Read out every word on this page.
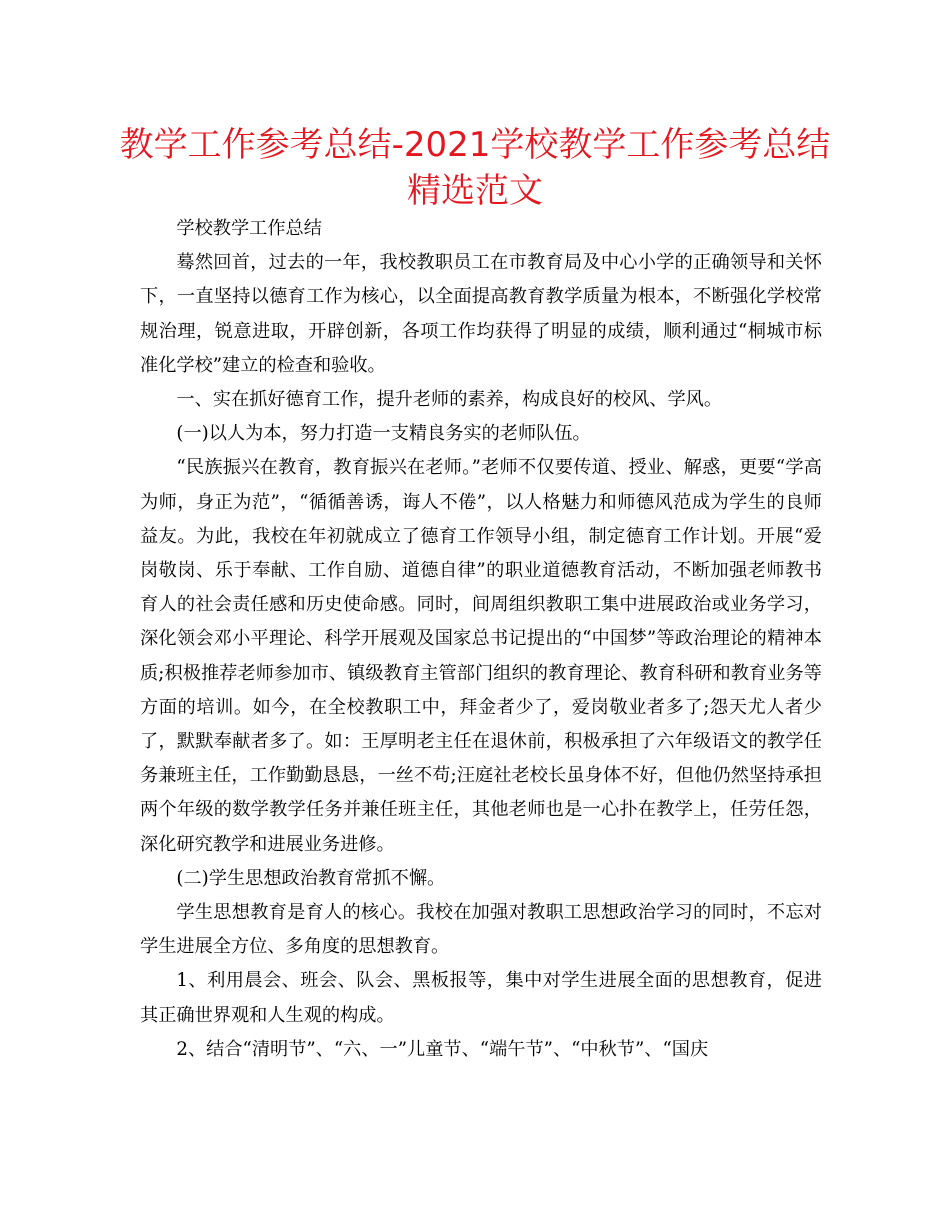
教学工作参考总结-2021学校教学工作参考总结
精选范文

学校教学工作总结

蓦然回首，过去的一年，我校教职员工在市教育局及中心小学的正确领导和关怀下，一直坚持以德育工作为核心，以全面提高教育教学质量为根本，不断强化学校常规治理，锐意进取，开辟创新，各项工作均获得了明显的成绩，顺利通过“桐城市标准化学校”建立的检查和验收。

一、实在抓好德育工作，提升老师的素养，构成良好的校风、学风。

(一)以人为本，努力打造一支精良务实的老师队伍。

“民族振兴在教育，教育振兴在老师。”老师不仅要传道、授业、解惑，更要“学高为师，身正为范”，“循循善诱，诲人不倦”，以人格魅力和师德风范成为学生的良师益友。为此，我校在年初就成立了德育工作领导小组，制定德育工作计划。开展“爱岗敬岗、乐于奉献、工作自励、道德自律”的职业道德教育活动，不断加强老师教书育人的社会责任感和历史使命感。同时，间周组织教职工集中进展政治或业务学习，深化领会邓小平理论、科学开展观及国家总书记提出的“中国梦”等政治理论的精神本质;积极推荐老师参加市、镇级教育主管部门组织的教育理论、教育科研和教育业务等方面的培训。如今，在全校教职工中，拜金者少了，爱岗敬业者多了;怨天尤人者少了，默默奉献者多了。如：王厚明老主任在退休前，积极承担了六年级语文的教学任务兼班主任，工作勤勤恳恳，一丝不苟;汪庭社老校长虽身体不好，但他仍然坚持承担两个年级的数学教学任务并兼任班主任，其他老师也是一心扑在教学上，任劳任怨，深化研究教学和进展业务进修。

(二)学生思想政治教育常抓不懈。

学生思想教育是育人的核心。我校在加强对教职工思想政治学习的同时，不忘对学生进展全方位、多角度的思想教育。

1、利用晨会、班会、队会、黑板报等，集中对学生进展全面的思想教育，促进其正确世界观和人生观的构成。

2、结合“清明节”、“六、一”儿童节、“端午节”、“中秋节”、“国庆
